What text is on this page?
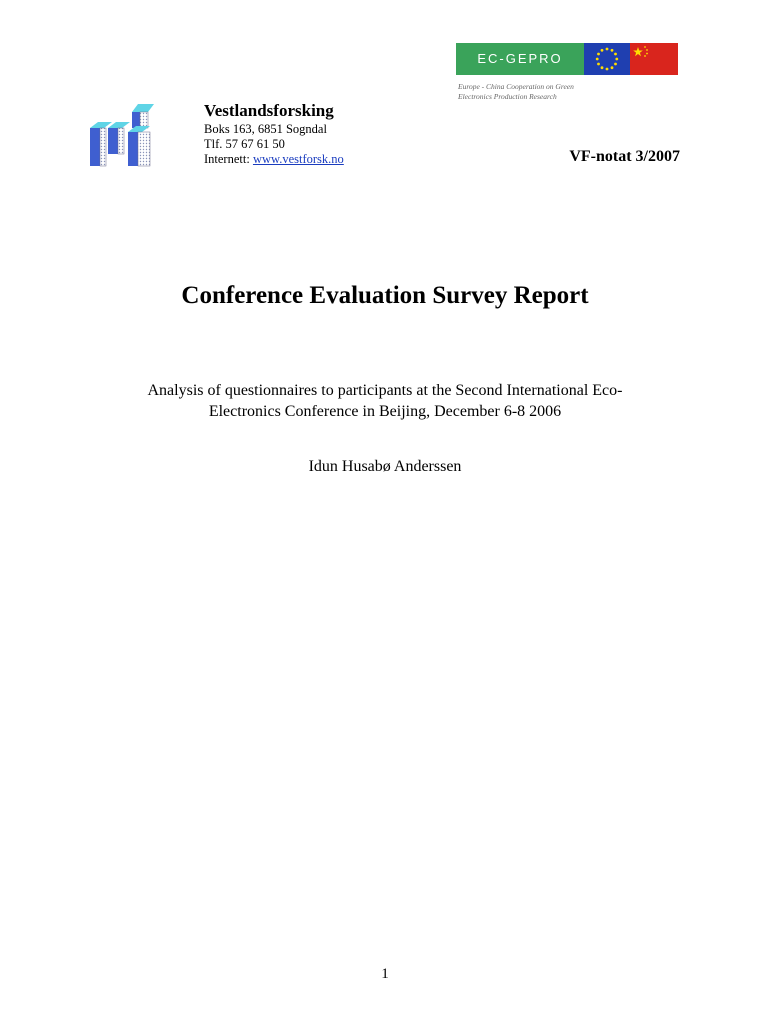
EC-GEPRO
Europe - China Cooperation on Green
Electronics Production Research

Vestlandsforsking

Boks 163, 6851 Sogndal

Tlf. 57 67 61 50

Internett: www.vestforsk.no	VF-notat 3/2007
Conference Evaluation Survey Report
Analysis of questionnaires to participants at the Second International Eco-
Electronics Conference in Beijing, December 6-8 2006

Idun Husabø Anderssen

1
